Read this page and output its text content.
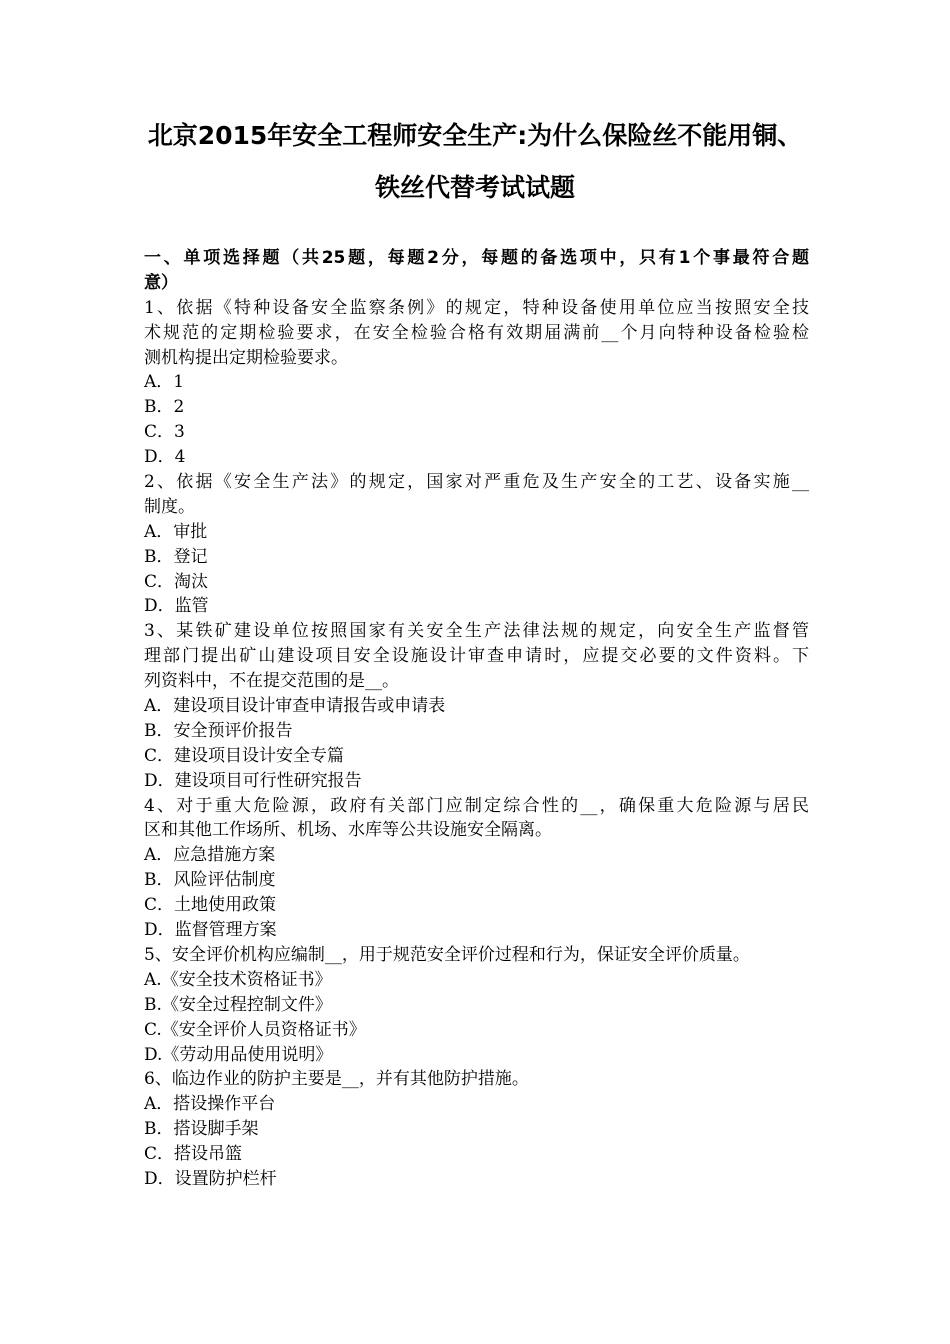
北京2015年安全工程师安全生产:为什么保险丝不能用铜、
铁丝代替考试试题
一、单项选择题（共25题，每题2分，每题的备选项中，只有1个事最符合题
意）
1、依据《特种设备安全监察条例》的规定，特种设备使用单位应当按照安全技
术规范的定期检验要求，在安全检验合格有效期届满前__个月向特种设备检验检
测机构提出定期检验要求。
A．1
B．2
C．3
D．4
2、依据《安全生产法》的规定，国家对严重危及生产安全的工艺、设备实施__
制度。
A．审批
B．登记
C．淘汰
D．监管
3、某铁矿建设单位按照国家有关安全生产法律法规的规定，向安全生产监督管
理部门提出矿山建设项目安全设施设计审查申请时，应提交必要的文件资料。下
列资料中，不在提交范围的是__。
A．建设项目设计审查申请报告或申请表
B．安全预评价报告
C．建设项目设计安全专篇
D．建设项目可行性研究报告
4、对于重大危险源，政府有关部门应制定综合性的__，确保重大危险源与居民
区和其他工作场所、机场、水库等公共设施安全隔离。
A．应急措施方案
B．风险评估制度
C．土地使用政策
D．监督管理方案
5、安全评价机构应编制__，用于规范安全评价过程和行为，保证安全评价质量。
A.《安全技术资格证书》
B.《安全过程控制文件》
C.《安全评价人员资格证书》
D.《劳动用品使用说明》
6、临边作业的防护主要是__，并有其他防护措施。
A．搭设操作平台
B．搭设脚手架
C．搭设吊篮
D．设置防护栏杆
